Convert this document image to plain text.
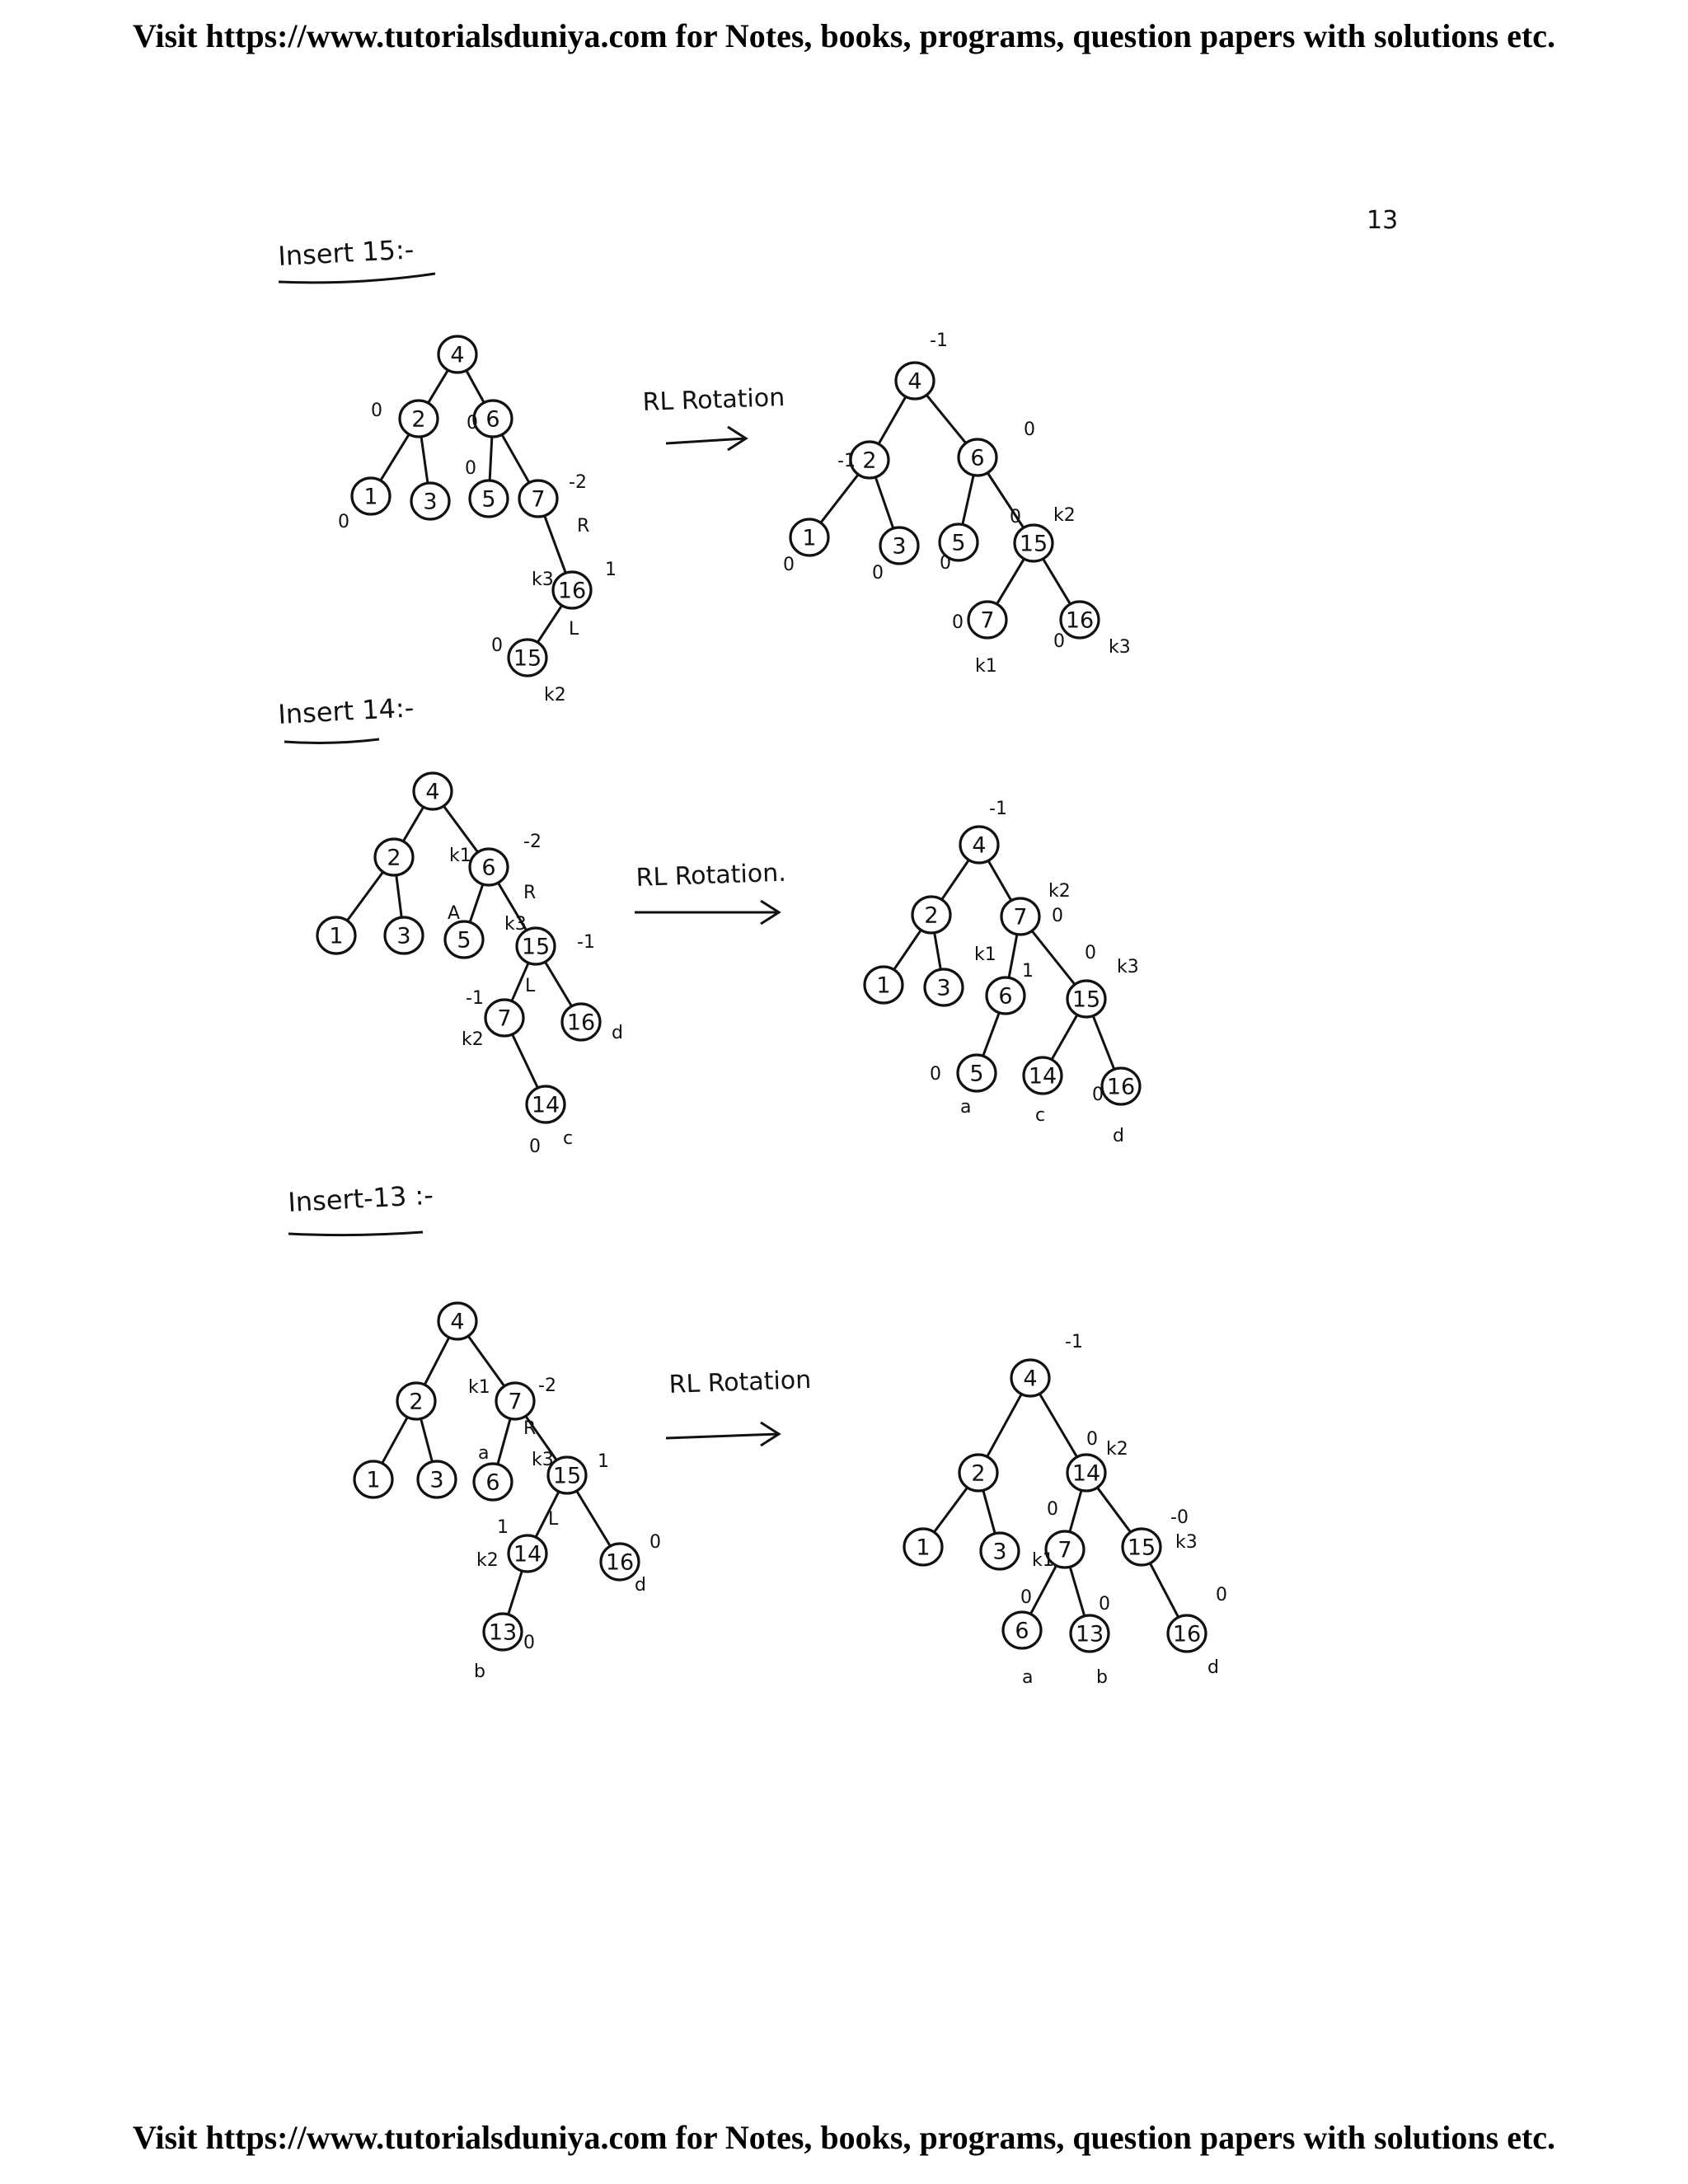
Visit https://www.tutorialsduniya.com for Notes, books, programs, question papers with solutions etc.
13
Visit https://www.tutorialsduniya.com for Notes, books, programs, question papers with solutions etc.
Insert 15:-
RL Rotation
4
2	6
1 3 5 7
16
15
0
0
0
0
-2
R
k3	1
L
0
k2
4
2	6
1	3 5 15
7	16
-1
0
-1
0	0	0
0 k2
0
k1
0 k3
Insert 14:-
RL Rotation.
4
2	6
1 3 5 15
7 16
14
k1
-2
R
A
k3
-1
L
-1
k2	d
0 c
4
2	7
1 3 6	15
5 14 16
-1
k2
0
k1
1
0
k3
0
a	c
0
d
Insert-13 :-
RL Rotation
4
2	7
1 3 6 15
14	16
13
k1	-2
a
R
k3 1
L
1
k2
0
d
0
b
4
2	14
1	3 7 15
6 13	16
-1
0 k2
0
k1
-0
k3
0	0	0
a	b	d
